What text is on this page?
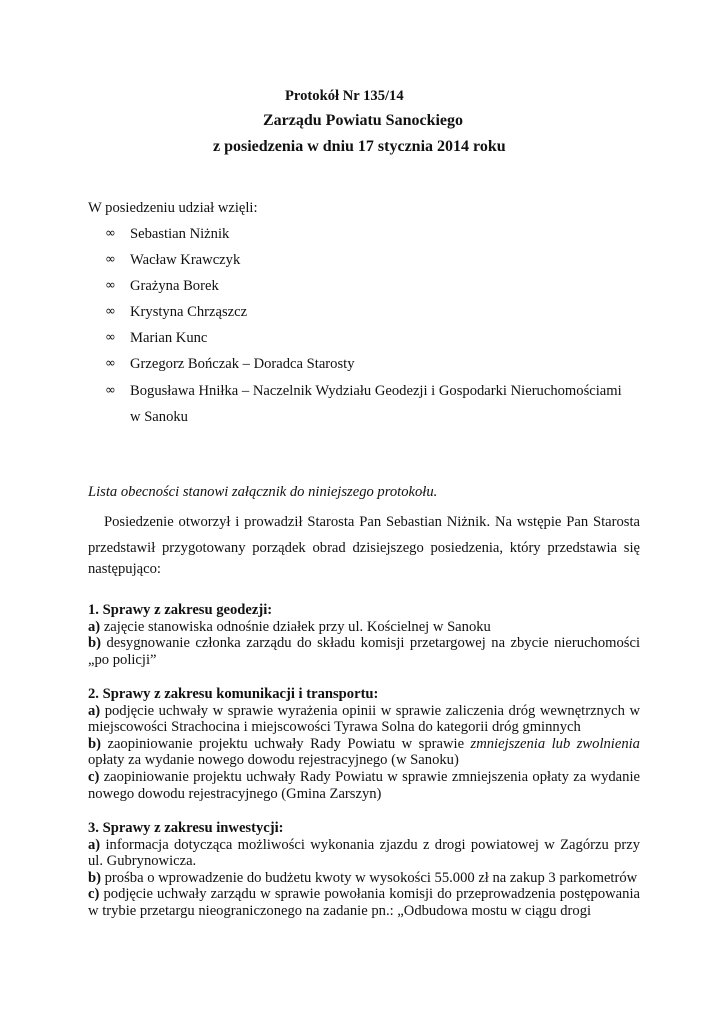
Protokół Nr 135/14
Zarządu Powiatu Sanockiego
z posiedzenia w dniu 17 stycznia 2014 roku
W posiedzeniu udział wzięli:
∞ Sebastian Niżnik
∞ Wacław Krawczyk
∞ Grażyna Borek
∞ Krystyna Chrząszcz
∞ Marian Kunc
∞ Grzegorz Bończak – Doradca Starosty
∞ Bogusława Hniłka – Naczelnik Wydziału Geodezji i Gospodarki Nieruchomościami
w Sanoku
Lista obecności stanowi załącznik do niniejszego protokołu.
Posiedzenie otworzył i prowadził Starosta Pan Sebastian Niżnik. Na wstępie Pan Starosta przedstawił przygotowany porządek obrad dzisiejszego posiedzenia, który przedstawia się
następująco:
1. Sprawy z zakresu geodezji:
a) zajęcie stanowiska odnośnie działek przy ul. Kościelnej w Sanoku
b) desygnowanie członka zarządu do składu komisji przetargowej na zbycie nieruchomości „po policji”
2. Sprawy z zakresu komunikacji i transportu:
a) podjęcie uchwały w sprawie wyrażenia opinii w sprawie zaliczenia dróg wewnętrznych w miejscowości Strachocina i miejscowości Tyrawa Solna do kategorii dróg gminnych
b) zaopiniowanie projektu uchwały Rady Powiatu w sprawie zmniejszenia lub zwolnienia opłaty za wydanie nowego dowodu rejestracyjnego (w Sanoku)
c) zaopiniowanie projektu uchwały Rady Powiatu w sprawie zmniejszenia opłaty za wydanie nowego dowodu rejestracyjnego (Gmina Zarszyn)
3. Sprawy z zakresu inwestycji:
a) informacja dotycząca możliwości wykonania zjazdu z drogi powiatowej w Zagórzu przy ul. Gubrynowicza.
b) prośba o wprowadzenie do budżetu kwoty w wysokości 55.000 zł na zakup 3 parkometrów
c) podjęcie uchwały zarządu w sprawie powołania komisji do przeprowadzenia postępowania w trybie przetargu nieograniczonego na zadanie pn.: „Odbudowa mostu w ciągu drogi
